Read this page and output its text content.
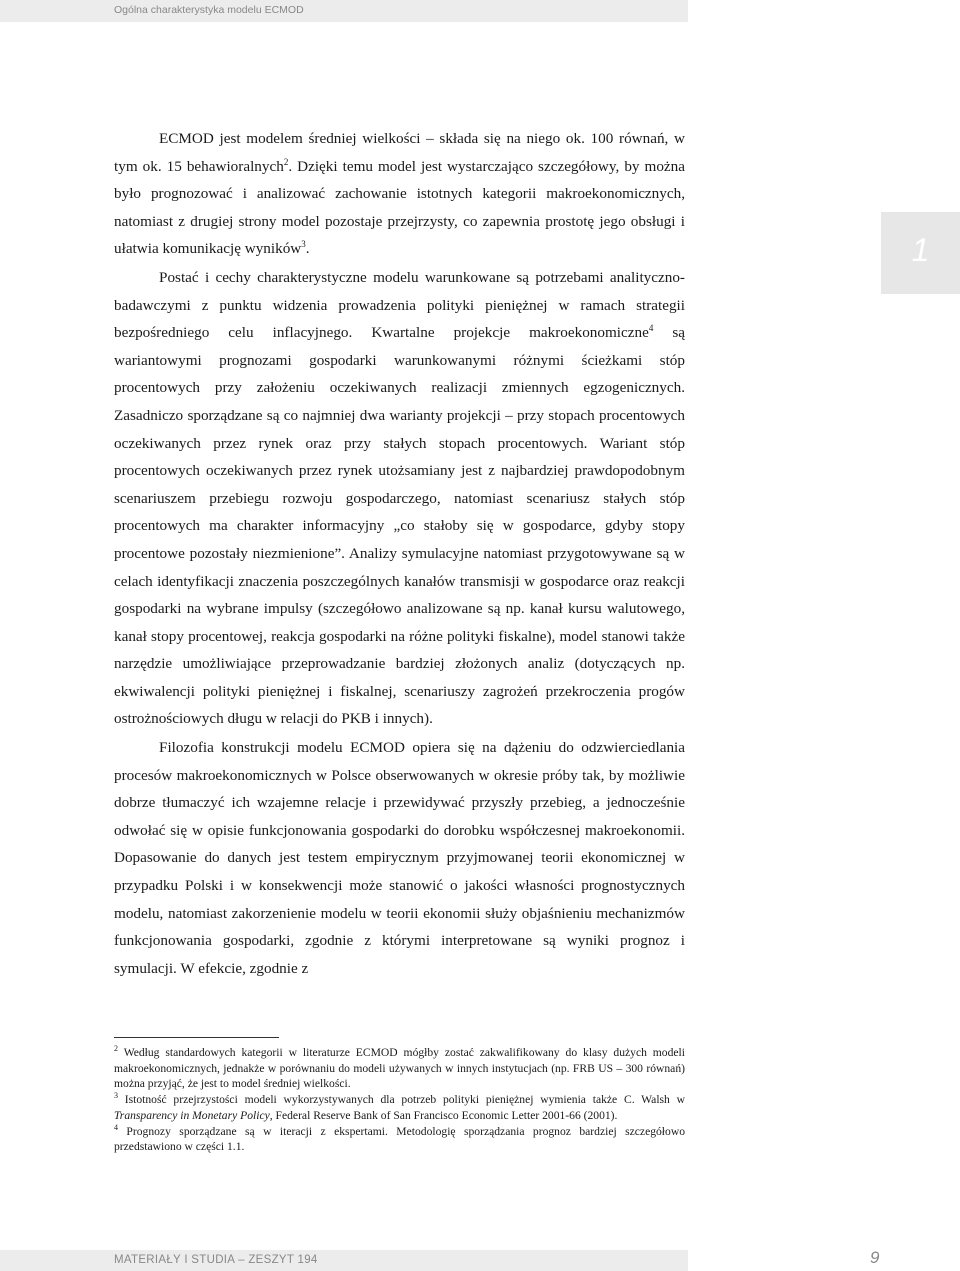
Ogólna charakterystyka modelu ECMOD
1

ECMOD jest modelem średniej wielkości – składa się na niego ok. 100 równań, w tym ok. 15 behawioralnych$^2$. Dzięki temu model jest wystarczająco szczegółowy, by można było prognozować i analizować zachowanie istotnych kategorii makroekonomicznych, natomiast z drugiej strony model pozostaje przejrzysty, co zapewnia prostotę jego obsługi i ułatwia komunikację wyników$^3$.

Postać i cechy charakterystyczne modelu warunkowane są potrzebami analityczno-badawczymi z punktu widzenia prowadzenia polityki pieniężnej w ramach strategii bezpośredniego celu inflacyjnego. Kwartalne projekcje makroekonomiczne$^4$ są wariantowymi prognozami gospodarki warunkowanymi różnymi ścieżkami stóp procentowych przy założeniu oczekiwanych realizacji zmiennych egzogenicznych. Zasadniczo sporządzane są co najmniej dwa warianty projekcji – przy stopach procentowych oczekiwanych przez rynek oraz przy stałych stopach procentowych. Wariant stóp procentowych oczekiwanych przez rynek utożsamiany jest z najbardziej prawdopodobnym scenariuszem przebiegu rozwoju gospodarczego, natomiast scenariusz stałych stóp procentowych ma charakter informacyjny „co stałoby się w gospodarce, gdyby stopy procentowe pozostały niezmienione”. Analizy symulacyjne natomiast przygotowywane są w celach identyfikacji znaczenia poszczególnych kanałów transmisji w gospodarce oraz reakcji gospodarki na wybrane impulsy (szczegółowo analizowane są np. kanał kursu walutowego, kanał stopy procentowej, reakcja gospodarki na różne polityki fiskalne), model stanowi także narzędzie umożliwiające przeprowadzanie bardziej złożonych analiz (dotyczących np. ekwiwalencji polityki pieniężnej i fiskalnej, scenariuszy zagrożeń przekroczenia progów ostrożnościowych długu w relacji do PKB i innych).

Filozofia konstrukcji modelu ECMOD opiera się na dążeniu do odzwierciedlania procesów makroekonomicznych w Polsce obserwowanych w okresie próby tak, by możliwie dobrze tłumaczyć ich wzajemne relacje i przewidywać przyszły przebieg, a jednocześnie odwołać się w opisie funkcjonowania gospodarki do dorobku współczesnej makroekonomii. Dopasowanie do danych jest testem empirycznym przyjmowanej teorii ekonomicznej w przypadku Polski i w konsekwencji może stanowić o jakości własności prognostycznych modelu, natomiast zakorzenienie modelu w teorii ekonomii służy objaśnieniu mechanizmów funkcjonowania gospodarki, zgodnie z którymi interpretowane są wyniki prognoz i symulacji. W efekcie, zgodnie z

$^2$ Według standardowych kategorii w literaturze ECMOD mógłby zostać zakwalifikowany do klasy dużych modeli makroekonomicznych, jednakże w porównaniu do modeli używanych w innych instytucjach (np. FRB US – 300 równań) można przyjąć, że jest to model średniej wielkości.

$^3$ Istotność przejrzystości modeli wykorzystywanych dla potrzeb polityki pieniężnej wymienia także C. Walsh w Transparency in Monetary Policy, Federal Reserve Bank of San Francisco Economic Letter 2001-66 (2001).

$^4$ Prognozy sporządzane są w iteracji z ekspertami. Metodologię sporządzania prognoz bardziej szczegółowo przedstawiono w części 1.1.

MATERIAŁY I STUDIA – ZESZYT 194	9
